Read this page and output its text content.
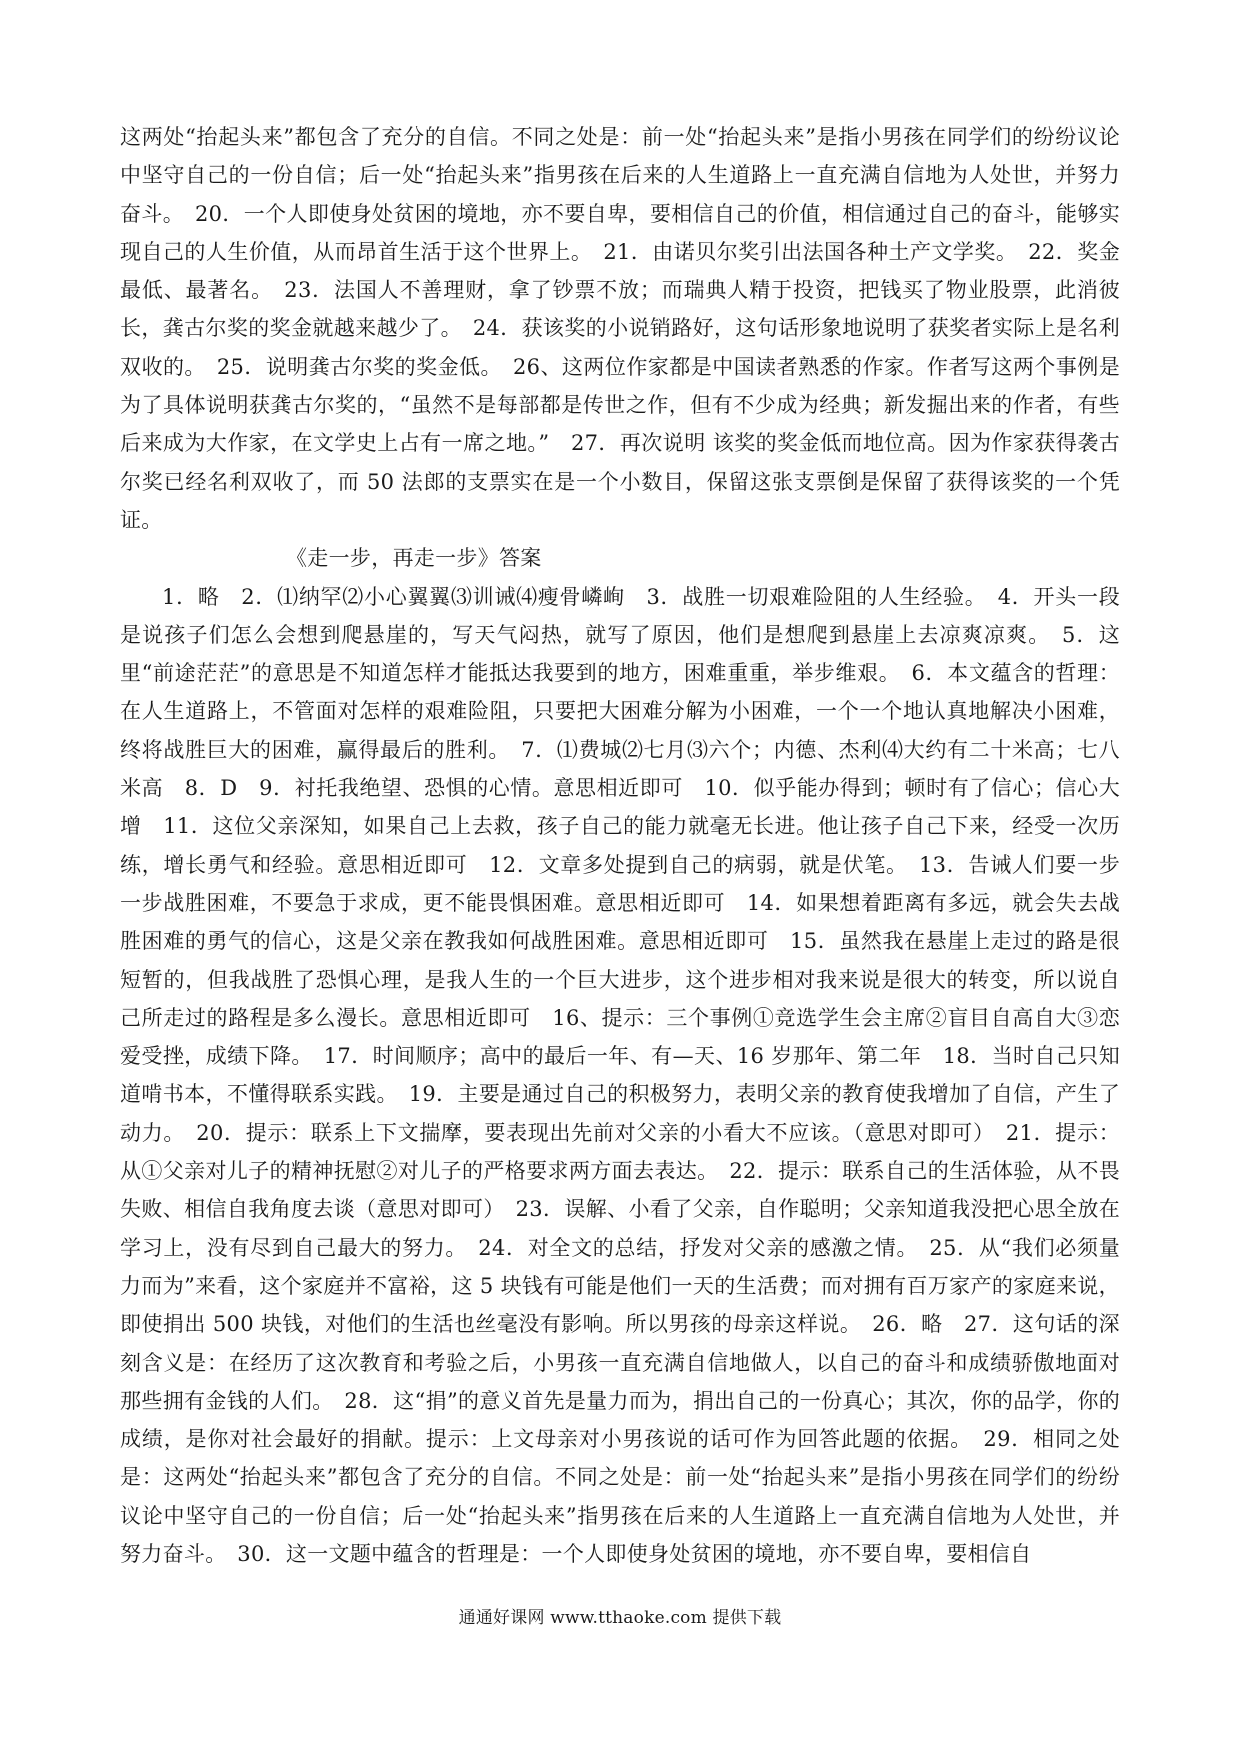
这两处“抬起头来”都包含了充分的自信。不同之处是：前一处“抬起头来”是指小男孩在同学们的纷纷议论中坚守自己的一份自信；后一处“抬起头来”指男孩在后来的人生道路上一直充满自信地为人处世，并努力奋斗。　20．一个人即使身处贫困的境地，亦不要自卑，要相信自己的价值，相信通过自己的奋斗，能够实现自己的人生价值，从而昂首生活于这个世界上。　21．由诺贝尔奖引出法国各种土产文学奖。　22．奖金最低、最著名。　23．法国人不善理财，拿了钞票不放；而瑞典人精于投资，把钱买了物业股票，此消彼长，龚古尔奖的奖金就越来越少了。　24．获该奖的小说销路好，这句话形象地说明了获奖者实际上是名利双收的。　25．说明龚古尔奖的奖金低。　26、这两位作家都是中国读者熟悉的作家。作者写这两个事例是为了具体说明获龚古尔奖的，“虽然不是每部都是传世之作，但有不少成为经典；新发掘出来的作者，有些后来成为大作家，在文学史上占有一席之地。”　27．再次说明 该奖的奖金低而地位高。因为作家获得袭古尔奖已经名利双收了，而 50 法郎的支票实在是一个小数目，保留这张支票倒是保留了获得该奖的一个凭证。

《走一步，再走一步》答案

1．略　2．⑴纳罕⑵小心翼翼⑶训诫⑷瘦骨嶙峋　3．战胜一切艰难险阻的人生经验。　4．开头一段是说孩子们怎么会想到爬悬崖的，写天气闷热，就写了原因，他们是想爬到悬崖上去凉爽凉爽。　5．这里“前途茫茫”的意思是不知道怎样才能抵达我要到的地方，困难重重，举步维艰。　6．本文蕴含的哲理：在人生道路上，不管面对怎样的艰难险阻，只要把大困难分解为小困难，一个一个地认真地解决小困难，终将战胜巨大的困难，赢得最后的胜利。　7．⑴费城⑵七月⑶六个；内德、杰利⑷大约有二十米高；七八米高　8．D　9．衬托我绝望、恐惧的心情。意思相近即可　10．似乎能办得到；顿时有了信心；信心大增　11．这位父亲深知，如果自己上去救，孩子自己的能力就毫无长进。他让孩子自己下来，经受一次历练，增长勇气和经验。意思相近即可　12．文章多处提到自己的病弱，就是伏笔。　13．告诫人们要一步一步战胜困难，不要急于求成，更不能畏惧困难。意思相近即可　14．如果想着距离有多远，就会失去战胜困难的勇气的信心，这是父亲在教我如何战胜困难。意思相近即可　15．虽然我在悬崖上走过的路是很短暂的，但我战胜了恐惧心理，是我人生的一个巨大进步，这个进步相对我来说是很大的转变，所以说自己所走过的路程是多么漫长。意思相近即可　16、提示：三个事例①竞选学生会主席②盲目自高自大③恋爱受挫，成绩下降。　17．时间顺序；高中的最后一年、有—天、16 岁那年、第二年　18．当时自己只知道啃书本，不懂得联系实践。　19．主要是通过自己的积极努力，表明父亲的教育使我增加了自信，产生了动力。　20．提示：联系上下文揣摩，要表现出先前对父亲的小看大不应该。（意思对即可）　21．提示：从①父亲对儿子的精神抚慰②对儿子的严格要求两方面去表达。　22．提示：联系自己的生活体验，从不畏失败、相信自我角度去谈（意思对即可）　23．误解、小看了父亲，自作聪明；父亲知道我没把心思全放在学习上，没有尽到自己最大的努力。　24．对全文的总结，抒发对父亲的感激之情。　25．从“我们必须量力而为”来看，这个家庭并不富裕，这 5 块钱有可能是他们一天的生活费；而对拥有百万家产的家庭来说，即使捐出 500 块钱，对他们的生活也丝毫没有影响。所以男孩的母亲这样说。　26．略　27．这句话的深刻含义是：在经历了这次教育和考验之后，小男孩一直充满自信地做人，以自己的奋斗和成绩骄傲地面对那些拥有金钱的人们。　28．这“捐”的意义首先是量力而为，捐出自己的一份真心；其次，你的品学，你的成绩，是你对社会最好的捐献。提示：上文母亲对小男孩说的话可作为回答此题的依据。　29．相同之处是：这两处“抬起头来”都包含了充分的自信。不同之处是：前一处“抬起头来”是指小男孩在同学们的纷纷议论中坚守自己的一份自信；后一处“抬起头来”指男孩在后来的人生道路上一直充满自信地为人处世，并努力奋斗。　30．这一文题中蕴含的哲理是：一个人即使身处贫困的境地，亦不要自卑，要相信自

通通好课网 www.tthaoke.com 提供下载
